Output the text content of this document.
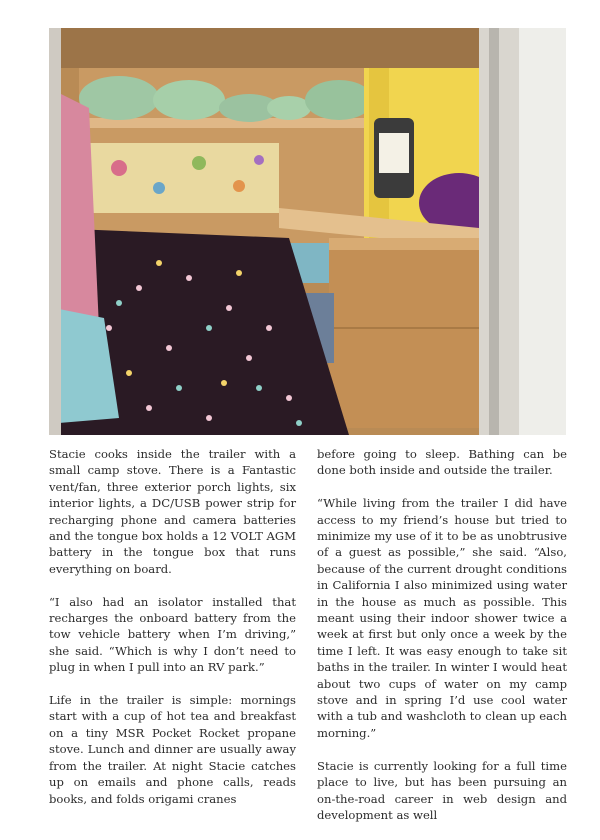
Stacie cooks inside the trailer with a small camp stove. There is a Fantastic vent/fan, three exterior porch lights, six interior lights, a DC/USB power strip for recharging phone and camera batteries and the tongue box holds a 12 VOLT AGM battery in the tongue box that runs everything on board.

“I also had an isolator installed that recharges the onboard battery from the tow vehicle battery when I’m driving,” she said. “Which is why I don’t need to plug in when I pull into an RV park.”

Life in the trailer is simple: mornings start with a cup of hot tea and breakfast on a tiny MSR Pocket Rocket propane stove. Lunch and dinner are usually away from the trailer. At night Stacie catches up on emails and phone calls, reads books, and folds origami cranes

before going to sleep. Bathing can be done both inside and outside the trailer.

“While living from the trailer I did have access to my friend’s house but tried to minimize my use of it to be as unobtrusive of a guest as possible,” she said. “Also, because of the current drought conditions in California I also minimized using water in the house as much as possible. This meant using their indoor shower twice a week at first but only once a week by the time I left. It was easy enough to take sit baths in the trailer. In winter I would heat about two cups of water on my camp stove and in spring I’d use cool water with a tub and washcloth to clean up each morning.”

Stacie is currently looking for a full time place to live, but has been pursuing an on-the-road career in web design and development as well
